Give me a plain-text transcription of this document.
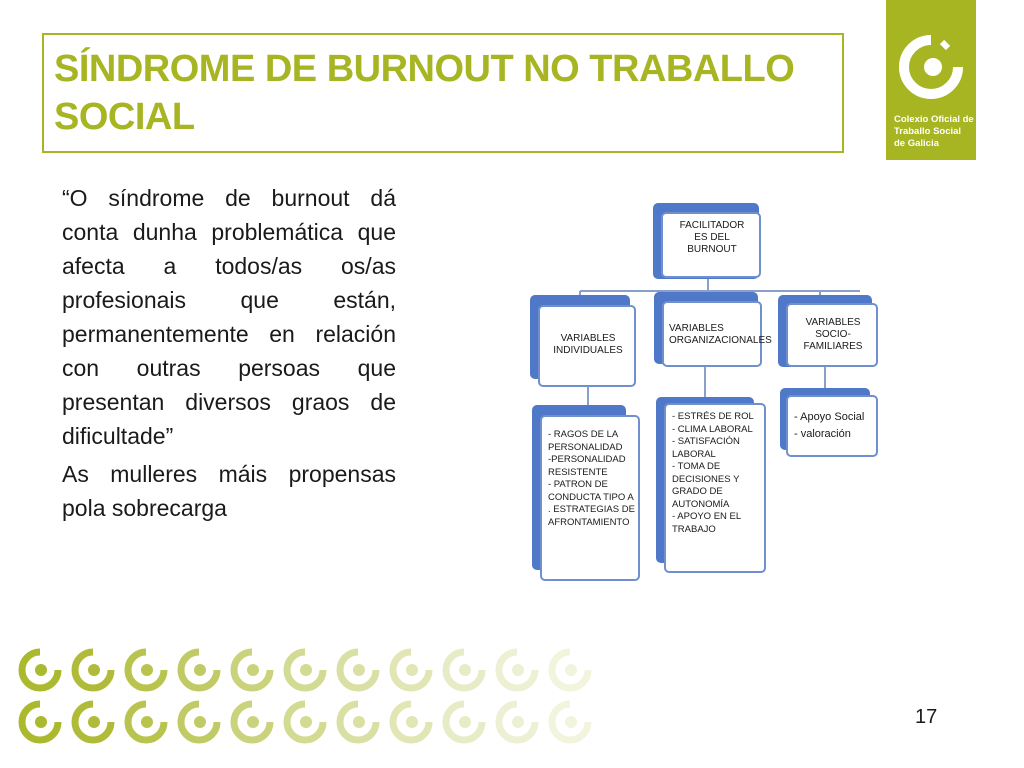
SÍNDROME DE BURNOUT NO TRABALLO
SOCIAL	Colexio Oficial de
Traballo Social
de Galicia

“O síndrome de burnout dá conta dunha problemática que afecta a todos/as os/as profesionais que están, permanentemente en relación con outras persoas que presentan diversos graos de dificultade”

As mulleres máis propensas pola sobrecarga

FACILITADOR
ES DEL
BURNOUT
VARIABLES
INDIVIDUALES
VARIABLES
ORGANIZACIONALES
VARIABLES
SOCIO-
FAMILIARES
- RAGOS DE LA
PERSONALIDAD
-PERSONALIDAD
RESISTENTE
- PATRON DE
CONDUCTA TIPO A
. ESTRATEGIAS DE
AFRONTAMIENTO
- ESTRÉS DE ROL
- CLIMA LABORAL
- SATISFACIÓN
LABORAL
- TOMA DE
DECISIONES Y
GRADO DE
AUTONOMÍA
- APOYO EN EL
TRABAJO
- Apoyo Social
- valoración
17
